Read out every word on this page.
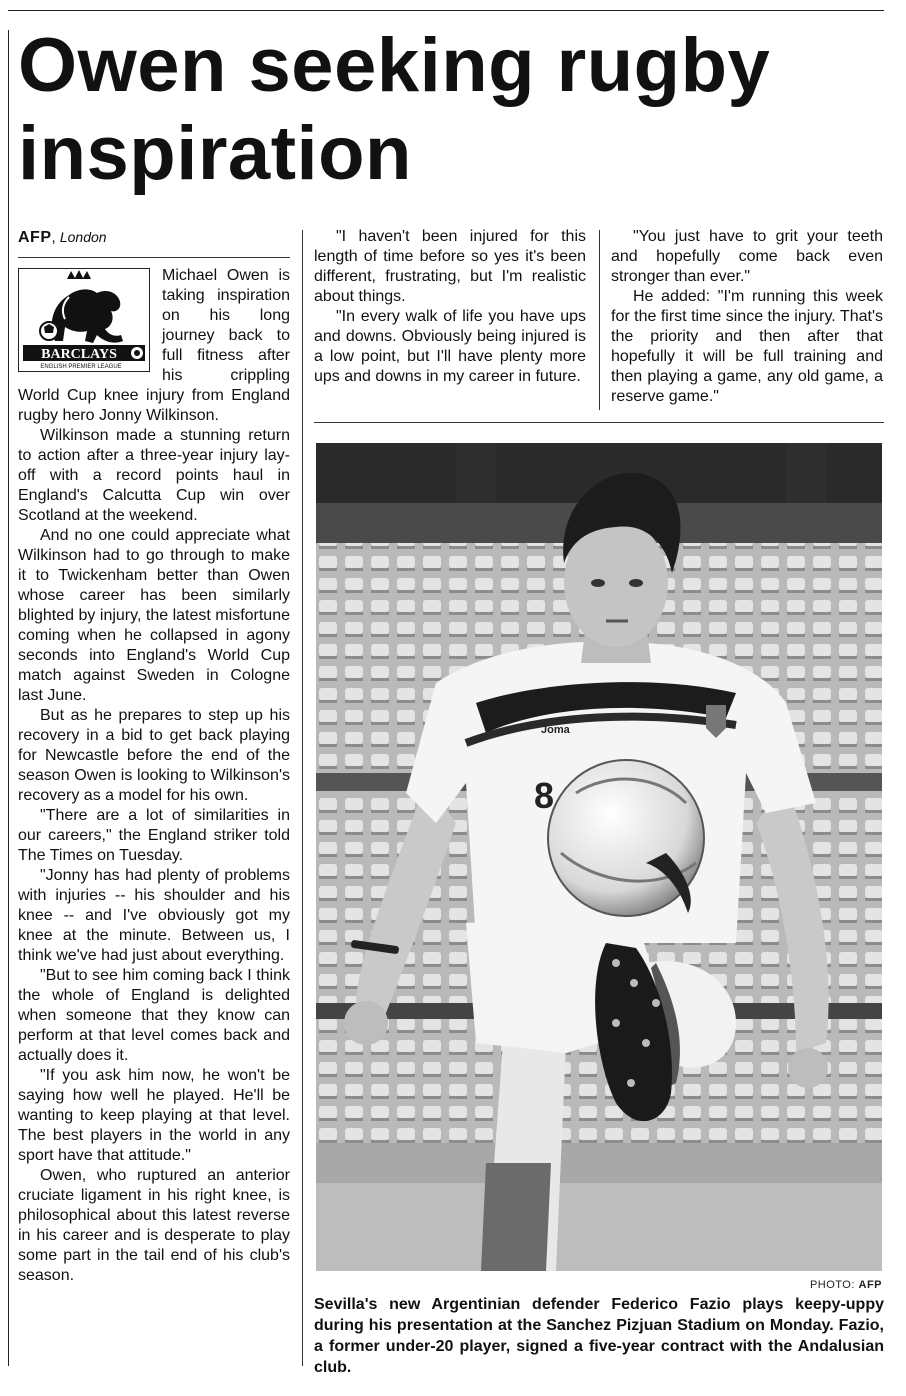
Owen seeking rugby inspiration
AFP, London
BARCLAYS
ENGLISH PREMIER LEAGUE

Michael Owen is taking inspiration on his long journey back to full fitness after his crippling World Cup knee injury from England rugby hero Jonny Wilkinson.

Wilkinson made a stunning return to action after a three-year injury lay-off with a record points haul in England's Calcutta Cup win over Scotland at the weekend.

And no one could appreciate what Wilkinson had to go through to make it to Twickenham better than Owen whose career has been similarly blighted by injury, the latest misfortune coming when he collapsed in agony seconds into England's World Cup match against Sweden in Cologne last June.

But as he prepares to step up his recovery in a bid to get back playing for Newcastle before the end of the season Owen is looking to Wilkinson's recovery as a model for his own.

"There are a lot of similarities in our careers," the England striker told The Times on Tuesday.

"Jonny has had plenty of problems with injuries -- his shoulder and his knee -- and I've obviously got my knee at the minute. Between us, I think we've had just about everything.

"But to see him coming back I think the whole of England is delighted when someone that they know can perform at that level comes back and actually does it.

"If you ask him now, he won't be saying how well he played. He'll be wanting to keep playing at that level. The best players in the world in any sport have that attitude."

Owen, who ruptured an anterior cruciate ligament in his right knee, is philosophical about this latest reverse in his career and is desperate to play some part in the tail end of his club's season.

"I haven't been injured for this length of time before so yes it's been different, frustrating, but I'm realistic about things.

"In every walk of life you have ups and downs. Obviously being injured is a low point, but I'll have plenty more ups and downs in my career in future.

"You just have to grit your teeth and hopefully come back even stronger than ever."

He added: "I'm running this week for the first time since the injury. That's the priority and then after that hopefully it will be full training and then playing a game, any old game, a reserve game."

Joma
8
PHOTO: AFP
Sevilla's new Argentinian defender Federico Fazio plays keepy-uppy during his presentation at the Sanchez Pizjuan Stadium on Monday. Fazio, a former under-20 player, signed a five-year contract with the Andalusian club.
